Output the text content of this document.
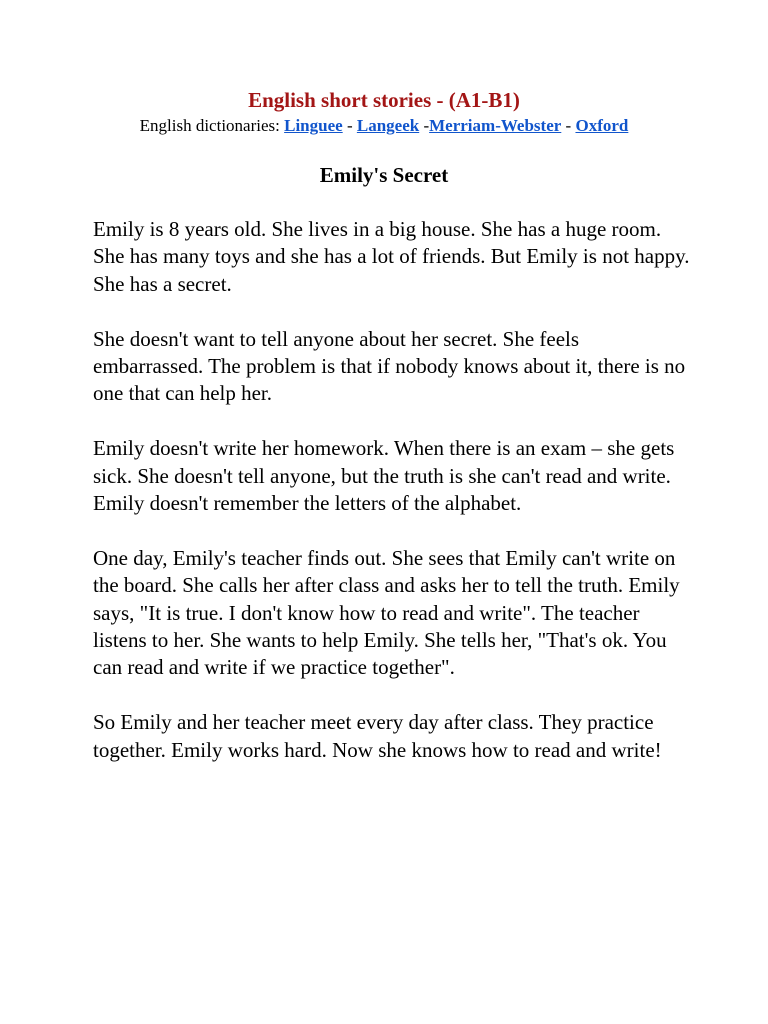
English short stories - (A1-B1)
English dictionaries: Linguee - Langeek -Merriam-Webster - Oxford
Emily's Secret

Emily is 8 years old. She lives in a big house. She has a huge room. She has many toys and she has a lot of friends. But Emily is not happy. She has a secret.

She doesn't want to tell anyone about her secret. She feels embarrassed. The problem is that if nobody knows about it, there is no one that can help her.

Emily doesn't write her homework. When there is an exam – she gets sick. She doesn't tell anyone, but the truth is she can't read and write. Emily doesn't remember the letters of the alphabet.

One day, Emily's teacher finds out. She sees that Emily can't write on the board. She calls her after class and asks her to tell the truth. Emily says, "It is true. I don't know how to read and write". The teacher listens to her. She wants to help Emily. She tells her, "That's ok. You can read and write if we practice together".

So Emily and her teacher meet every day after class. They practice together. Emily works hard. Now she knows how to read and write!
